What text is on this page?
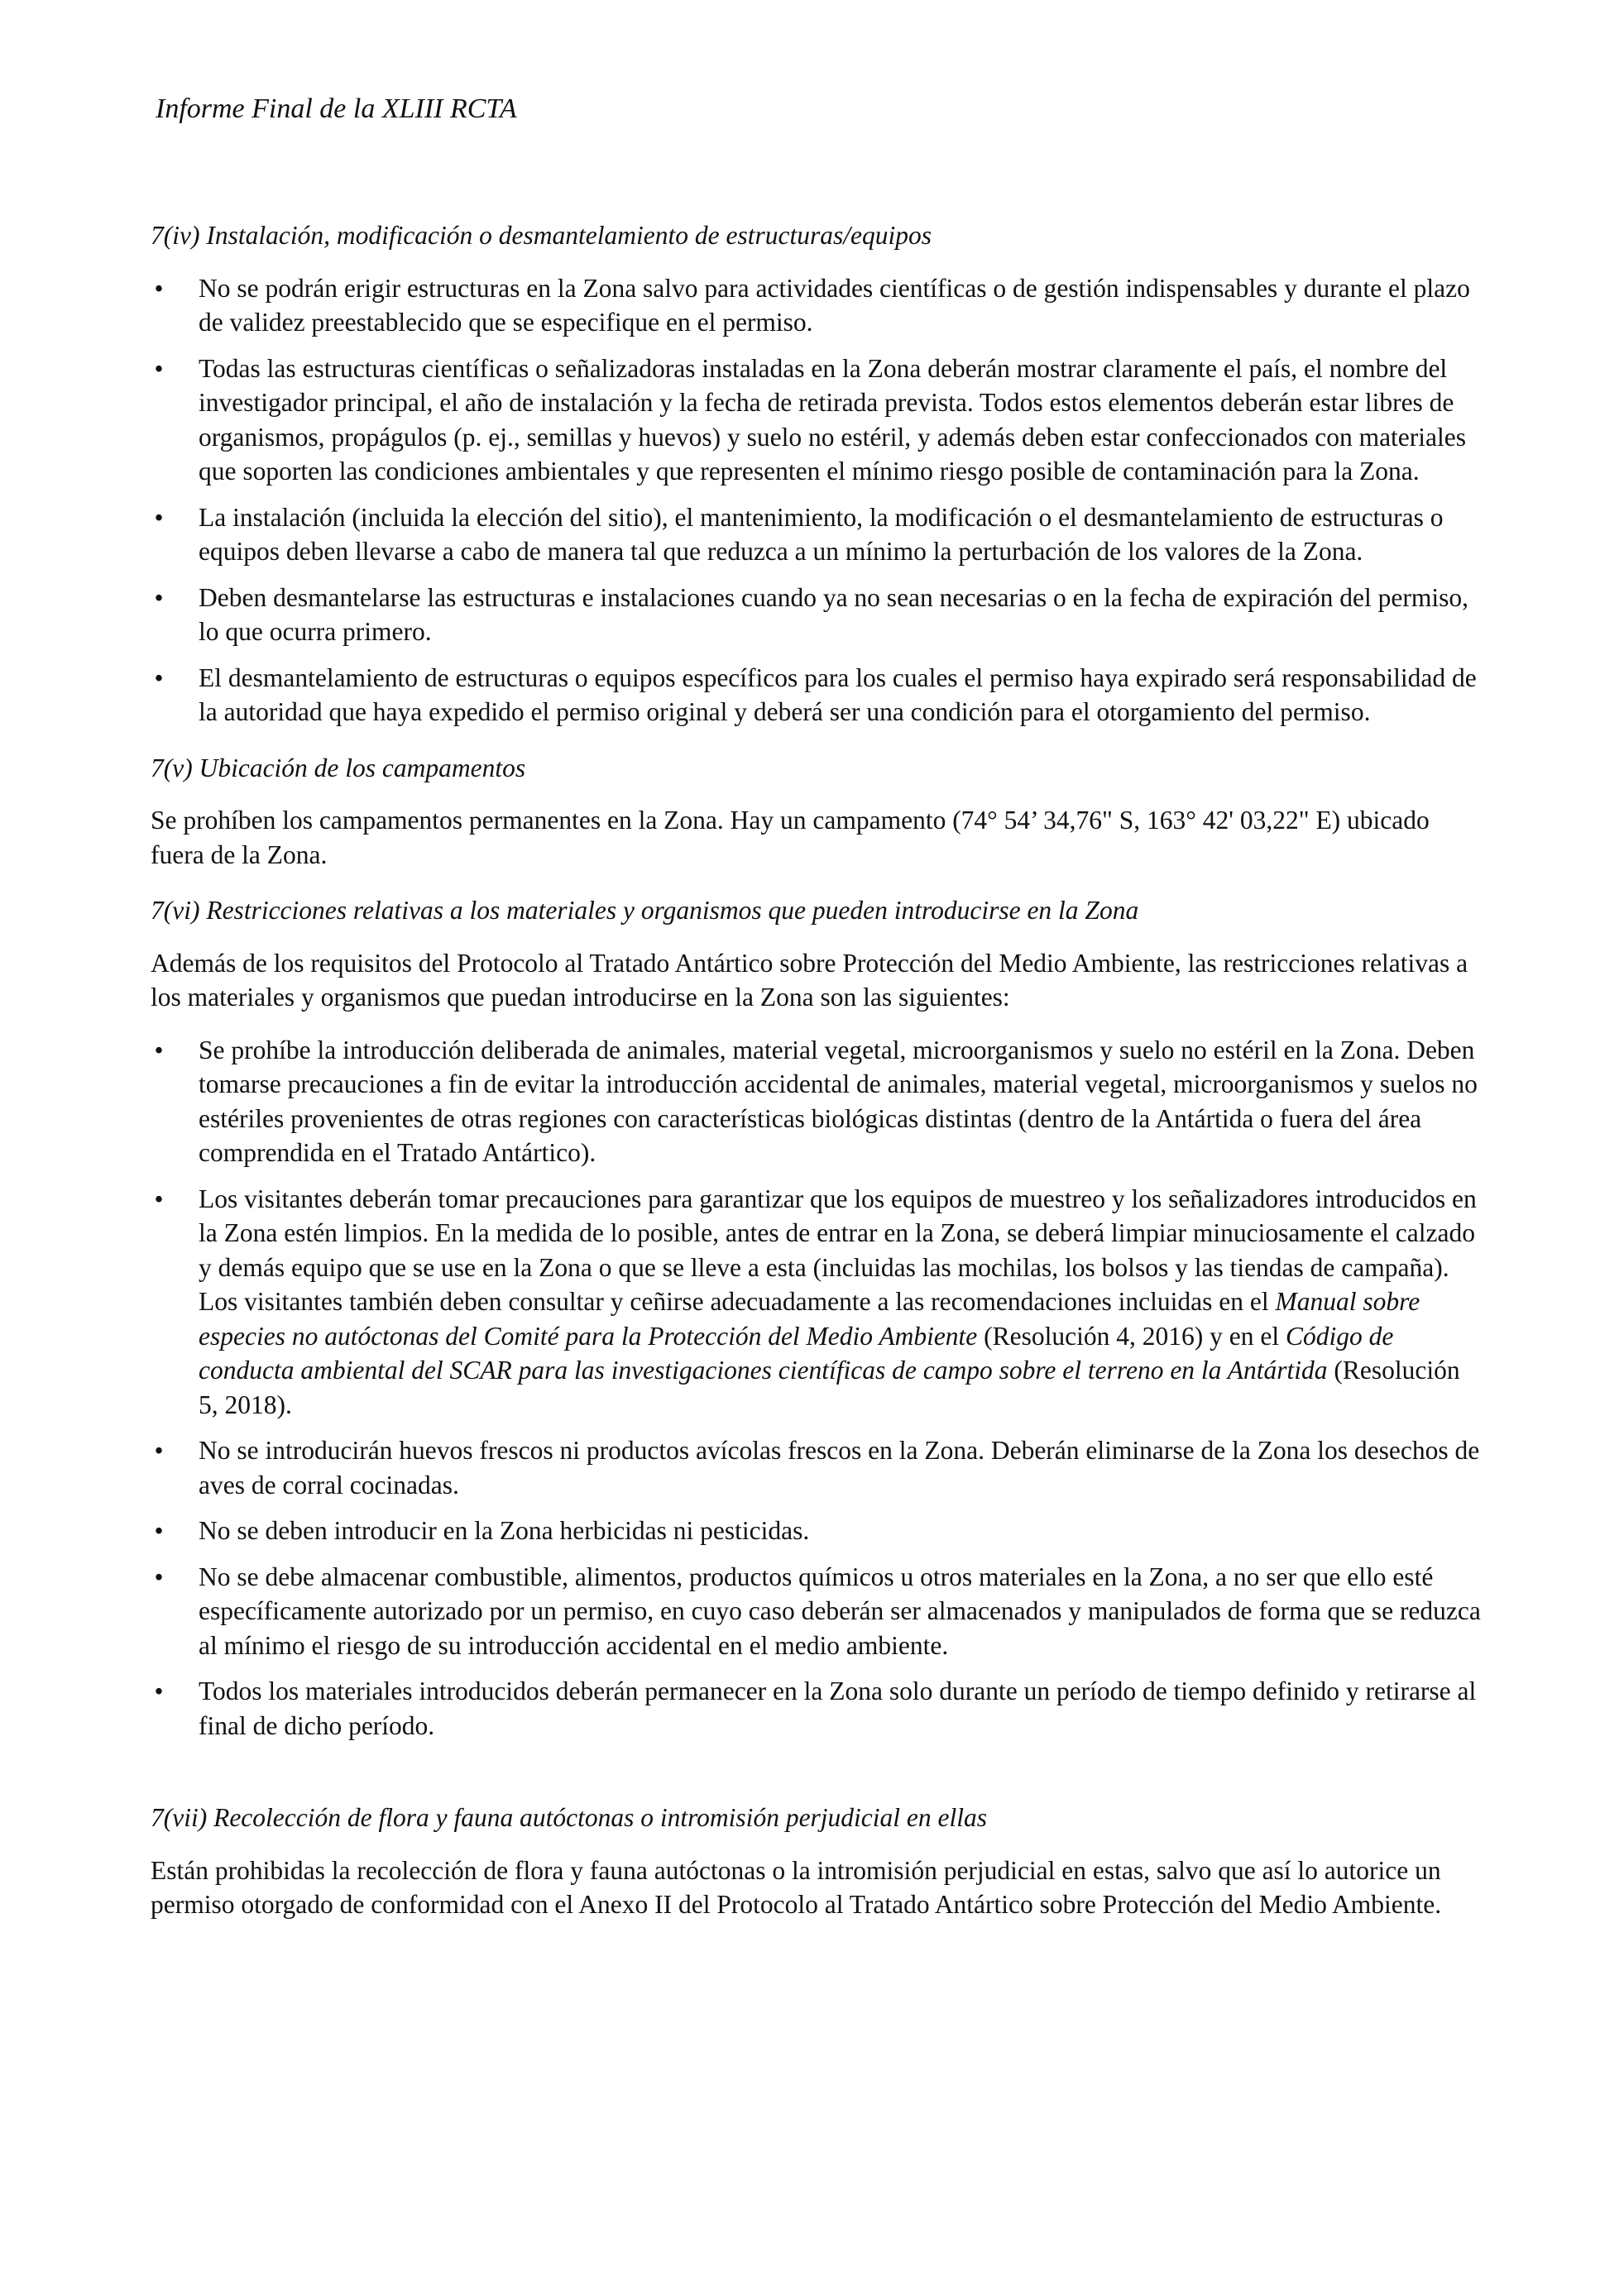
Informe Final de la XLIII RCTA
7(iv) Instalación, modificación o desmantelamiento de estructuras/equipos
• No se podrán erigir estructuras en la Zona salvo para actividades científicas o de gestión indispensables y durante el plazo de validez preestablecido que se especifique en el permiso.
• Todas las estructuras científicas o señalizadoras instaladas en la Zona deberán mostrar claramente el país, el nombre del investigador principal, el año de instalación y la fecha de retirada prevista. Todos estos elementos deberán estar libres de organismos, propágulos (p. ej., semillas y huevos) y suelo no estéril, y además deben estar confeccionados con materiales que soporten las condiciones ambientales y que representen el mínimo riesgo posible de contaminación para la Zona.
• La instalación (incluida la elección del sitio), el mantenimiento, la modificación o el desmantelamiento de estructuras o equipos deben llevarse a cabo de manera tal que reduzca a un mínimo la perturbación de los valores de la Zona.
• Deben desmantelarse las estructuras e instalaciones cuando ya no sean necesarias o en la fecha de expiración del permiso, lo que ocurra primero.
• El desmantelamiento de estructuras o equipos específicos para los cuales el permiso haya expirado será responsabilidad de la autoridad que haya expedido el permiso original y deberá ser una condición para el otorgamiento del permiso.
7(v) Ubicación de los campamentos
Se prohíben los campamentos permanentes en la Zona. Hay un campamento (74° 54’ 34,76" S, 163° 42' 03,22" E) ubicado fuera de la Zona.
7(vi) Restricciones relativas a los materiales y organismos que pueden introducirse en la Zona
Además de los requisitos del Protocolo al Tratado Antártico sobre Protección del Medio Ambiente, las restricciones relativas a los materiales y organismos que puedan introducirse en la Zona son las siguientes:
• Se prohíbe la introducción deliberada de animales, material vegetal, microorganismos y suelo no estéril en la Zona. Deben tomarse precauciones a fin de evitar la introducción accidental de animales, material vegetal, microorganismos y suelos no estériles provenientes de otras regiones con características biológicas distintas (dentro de la Antártida o fuera del área comprendida en el Tratado Antártico).
• Los visitantes deberán tomar precauciones para garantizar que los equipos de muestreo y los señalizadores introducidos en la Zona estén limpios. En la medida de lo posible, antes de entrar en la Zona, se deberá limpiar minuciosamente el calzado y demás equipo que se use en la Zona o que se lleve a esta (incluidas las mochilas, los bolsos y las tiendas de campaña). Los visitantes también deben consultar y ceñirse adecuadamente a las recomendaciones incluidas en el Manual sobre especies no autóctonas del Comité para la Protección del Medio Ambiente (Resolución 4, 2016) y en el Código de conducta ambiental del SCAR para las investigaciones científicas de campo sobre el terreno en la Antártida (Resolución 5, 2018).
• No se introducirán huevos frescos ni productos avícolas frescos en la Zona. Deberán eliminarse de la Zona los desechos de aves de corral cocinadas.
• No se deben introducir en la Zona herbicidas ni pesticidas.
• No se debe almacenar combustible, alimentos, productos químicos u otros materiales en la Zona, a no ser que ello esté específicamente autorizado por un permiso, en cuyo caso deberán ser almacenados y manipulados de forma que se reduzca al mínimo el riesgo de su introducción accidental en el medio ambiente.
• Todos los materiales introducidos deberán permanecer en la Zona solo durante un período de tiempo definido y retirarse al final de dicho período.
7(vii) Recolección de flora y fauna autóctonas o intromisión perjudicial en ellas
Están prohibidas la recolección de flora y fauna autóctonas o la intromisión perjudicial en estas, salvo que así lo autorice un permiso otorgado de conformidad con el Anexo II del Protocolo al Tratado Antártico sobre Protección del Medio Ambiente.
